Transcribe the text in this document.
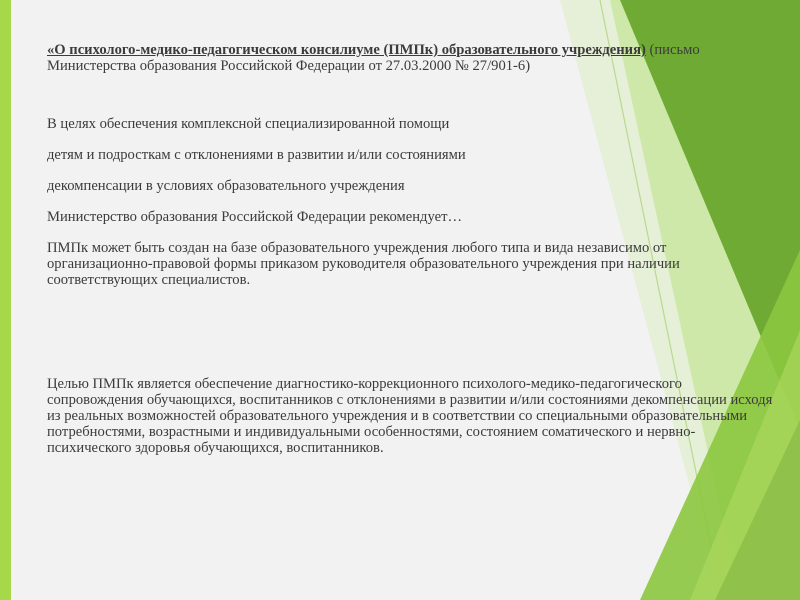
«О психолого-медико-педагогическом консилиуме (ПМПк) образовательного учреждения) (письмо Министерства образования Российской Федерации от 27.03.2000 № 27/901-6)

В целях обеспечения комплексной специализированной помощи

детям и подросткам с отклонениями в развитии и/или состояниями

декомпенсации в условиях образовательного учреждения

Министерство образования Российской Федерации рекомендует…

ПМПк может быть создан на базе образовательного учреждения любого типа и вида независимо от организационно-правовой формы приказом руководителя образовательного учреждения при наличии соответствующих специалистов.

Целью ПМПк является обеспечение диагностико-коррекционного психолого-медико-педагогического сопровождения обучающихся, воспитанников с отклонениями в развитии и/или состояниями декомпенсации исходя из реальных возможностей образовательного учреждения и в соответствии со специальными образовательными потребностями, возрастными и индивидуальными особенностями, состоянием соматического и нервно-психического здоровья обучающихся, воспитанников.
